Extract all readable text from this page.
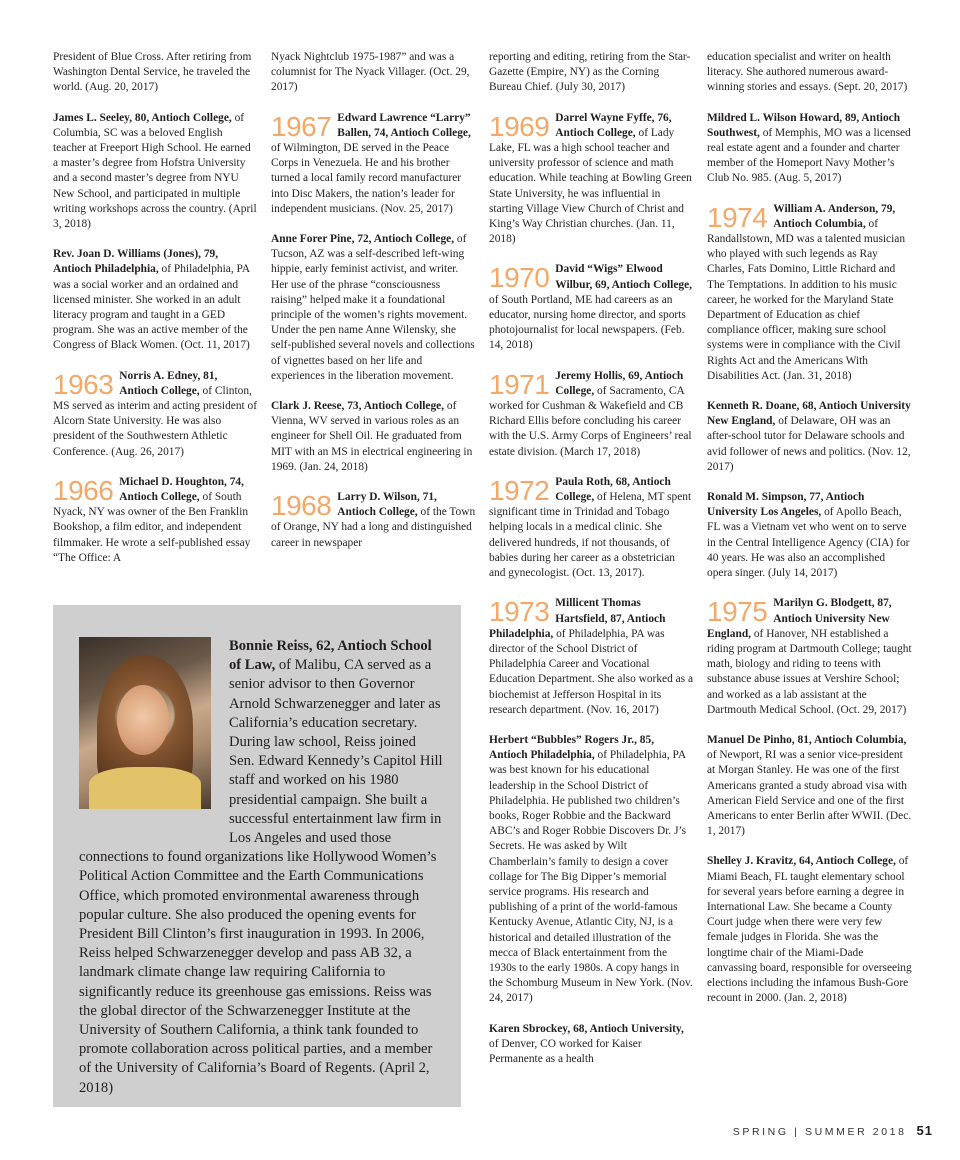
President of Blue Cross. After retiring from Washington Dental Service, he traveled the world. (Aug. 20, 2017)
James L. Seeley, 80, Antioch College, of Columbia, SC was a beloved English teacher at Freeport High School. He earned a master’s degree from Hofstra University and a second master’s degree from NYU New School, and participated in multiple writing workshops across the country. (April 3, 2018)
Rev. Joan D. Williams (Jones), 79, Antioch Philadelphia, of Philadelphia, PA was a social worker and an ordained and licensed minister. She worked in an adult literacy program and taught in a GED program. She was an active member of the Congress of Black Women. (Oct. 11, 2017)
1963 Norris A. Edney, 81, Antioch College, of Clinton, MS served as interim and acting president of Alcorn State University. He was also president of the Southwestern Athletic Conference. (Aug. 26, 2017)
1966 Michael D. Houghton, 74, Antioch College, of South Nyack, NY was owner of the Ben Franklin Bookshop, a film editor, and independent filmmaker. He wrote a self-published essay “The Office: A
Nyack Nightclub 1975-1987” and was a columnist for The Nyack Villager. (Oct. 29, 2017)
1967 Edward Lawrence “Larry” Ballen, 74, Antioch College, of Wilmington, DE served in the Peace Corps in Venezuela. He and his brother turned a local family record manufacturer into Disc Makers, the nation’s leader for independent musicians. (Nov. 25, 2017)
Anne Forer Pine, 72, Antioch College, of Tucson, AZ was a self-described left-wing hippie, early feminist activist, and writer. Her use of the phrase “consciousness raising” helped make it a foundational principle of the women’s rights movement. Under the pen name Anne Wilensky, she self-published several novels and collections of vignettes based on her life and experiences in the liberation movement.
Clark J. Reese, 73, Antioch College, of Vienna, WV served in various roles as an engineer for Shell Oil. He graduated from MIT with an MS in electrical engineering in 1969. (Jan. 24, 2018)
1968 Larry D. Wilson, 71, Antioch College, of the Town of Orange, NY had a long and distinguished career in newspaper
reporting and editing, retiring from the Star-Gazette (Empire, NY) as the Corning Bureau Chief. (July 30, 2017)
1969 Darrel Wayne Fyffe, 76, Antioch College, of Lady Lake, FL was a high school teacher and university professor of science and math education. While teaching at Bowling Green State University, he was influential in starting Village View Church of Christ and King’s Way Christian churches. (Jan. 11, 2018)
1970 David “Wigs” Elwood Wilbur, 69, Antioch College, of South Portland, ME had careers as an educator, nursing home director, and sports photojournalist for local newspapers. (Feb. 14, 2018)
1971 Jeremy Hollis, 69, Antioch College, of Sacramento, CA worked for Cushman & Wakefield and CB Richard Ellis before concluding his career with the U.S. Army Corps of Engineers’ real estate division. (March 17, 2018)
1972 Paula Roth, 68, Antioch College, of Helena, MT spent significant time in Trinidad and Tobago helping locals in a medical clinic. She delivered hundreds, if not thousands, of babies during her career as a obstetrician and gynecologist. (Oct. 13, 2017).
1973 Millicent Thomas Hartsfield, 87, Antioch Philadelphia, of Philadelphia, PA was director of the School District of Philadelphia Career and Vocational Education Department. She also worked as a biochemist at Jefferson Hospital in its research department. (Nov. 16, 2017)
Herbert “Bubbles” Rogers Jr., 85, Antioch Philadelphia, of Philadelphia, PA was best known for his educational leadership in the School District of Philadelphia. He published two children’s books, Roger Robbie and the Backward ABC’s and Roger Robbie Discovers Dr. J’s Secrets. He was asked by Wilt Chamberlain’s family to design a cover collage for The Big Dipper’s memorial service programs. His research and publishing of a print of the world-famous Kentucky Avenue, Atlantic City, NJ, is a historical and detailed illustration of the mecca of Black entertainment from the 1930s to the early 1980s. A copy hangs in the Schomburg Museum in New York. (Nov. 24, 2017)
Karen Sbrockey, 68, Antioch University, of Denver, CO worked for Kaiser Permanente as a health
education specialist and writer on health literacy. She authored numerous award-winning stories and essays. (Sept. 20, 2017)
Mildred L. Wilson Howard, 89, Antioch Southwest, of Memphis, MO was a licensed real estate agent and a founder and charter member of the Homeport Navy Mother’s Club No. 985. (Aug. 5, 2017)
1974 William A. Anderson, 79, Antioch Columbia, of Randallstown, MD was a talented musician who played with such legends as Ray Charles, Fats Domino, Little Richard and The Temptations. In addition to his music career, he worked for the Maryland State Department of Education as chief compliance officer, making sure school systems were in compliance with the Civil Rights Act and the Americans With Disabilities Act. (Jan. 31, 2018)
Kenneth R. Doane, 68, Antioch University New England, of Delaware, OH was an after-school tutor for Delaware schools and avid follower of news and politics. (Nov. 12, 2017)
Ronald M. Simpson, 77, Antioch University Los Angeles, of Apollo Beach, FL was a Vietnam vet who went on to serve in the Central Intelligence Agency (CIA) for 40 years. He was also an accomplished opera singer. (July 14, 2017)
1975 Marilyn G. Blodgett, 87, Antioch University New England, of Hanover, NH established a riding program at Dartmouth College; taught math, biology and riding to teens with substance abuse issues at Vershire School; and worked as a lab assistant at the Dartmouth Medical School. (Oct. 29, 2017)
Manuel De Pinho, 81, Antioch Columbia, of Newport, RI was a senior vice-president at Morgan Stanley. He was one of the first Americans granted a study abroad visa with American Field Service and one of the first Americans to enter Berlin after WWII. (Dec. 1, 2017)
Shelley J. Kravitz, 64, Antioch College, of Miami Beach, FL taught elementary school for several years before earning a degree in International Law. She became a County Court judge when there were very few female judges in Florida. She was the longtime chair of the Miami-Dade canvassing board, responsible for overseeing elections including the infamous Bush-Gore recount in 2000. (Jan. 2, 2018)
Bonnie Reiss, 62, Antioch School of Law, of Malibu, CA served as a senior advisor to then Governor Arnold Schwarzenegger and later as California’s education secretary. During law school, Reiss joined Sen. Edward Kennedy’s Capitol Hill staff and worked on his 1980 presidential campaign. She built a successful entertainment law firm in Los Angeles and used those connections to found organizations like Hollywood Women’s Political Action Committee and the Earth Communications Office, which promoted environmental awareness through popular culture. She also produced the opening events for President Bill Clinton’s first inauguration in 1993. In 2006, Reiss helped Schwarzenegger develop and pass AB 32, a landmark climate change law requiring California to significantly reduce its greenhouse gas emissions. Reiss was the global director of the Schwarzenegger Institute at the University of Southern California, a think tank founded to promote collaboration across political parties, and a member of the University of California’s Board of Regents. (April 2, 2018)
SPRING | SUMMER 2018 51
